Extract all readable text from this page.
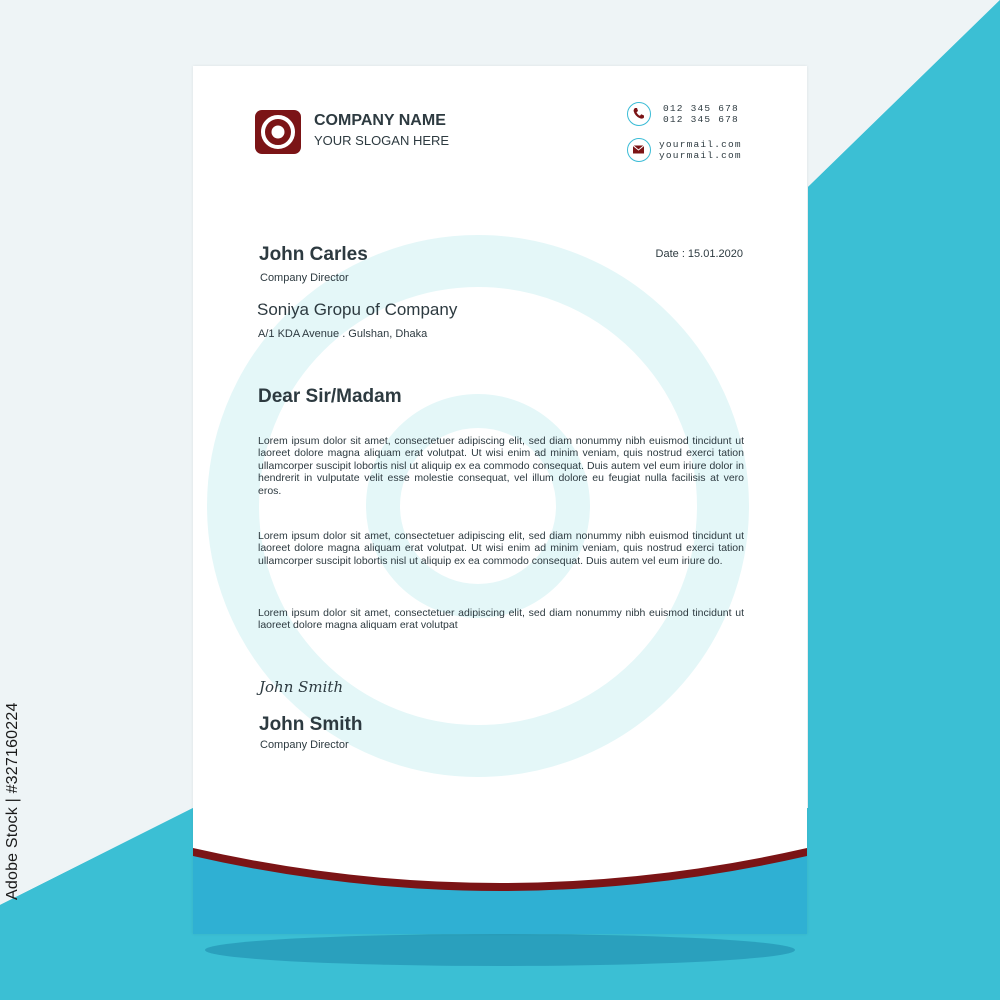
Adobe Stock | #327160224
COMPANY NAME
YOUR SLOGAN HERE
012 345 678
012 345 678
yourmail.com
yourmail.com
Date : 15.01.2020
John Carles
Company Director
Soniya Gropu of Company
A/1 KDA Avenue . Gulshan, Dhaka
Dear Sir/Madam

Lorem ipsum dolor sit amet, consectetuer adipiscing elit, sed diam nonummy nibh euismod tincidunt ut laoreet dolore magna aliquam erat volutpat. Ut wisi enim ad minim veniam, quis nostrud exerci tation ullamcorper suscipit lobortis nisl ut aliquip ex ea commodo consequat. Duis autem vel eum iriure dolor in hendrerit in vulputate velit esse molestie consequat, vel illum dolore eu feugiat nulla facilisis at vero eros.

Lorem ipsum dolor sit amet, consectetuer adipiscing elit, sed diam nonummy nibh euismod tincidunt ut laoreet dolore magna aliquam erat volutpat. Ut wisi enim ad minim veniam, quis nostrud exerci tation ullamcorper suscipit lobortis nisl ut aliquip ex ea commodo consequat. Duis autem vel eum iriure do.

Lorem ipsum dolor sit amet, consectetuer adipiscing elit, sed diam nonummy nibh euismod tincidunt ut laoreet dolore magna aliquam erat volutpat

John Smith
John Smith
Company Director
